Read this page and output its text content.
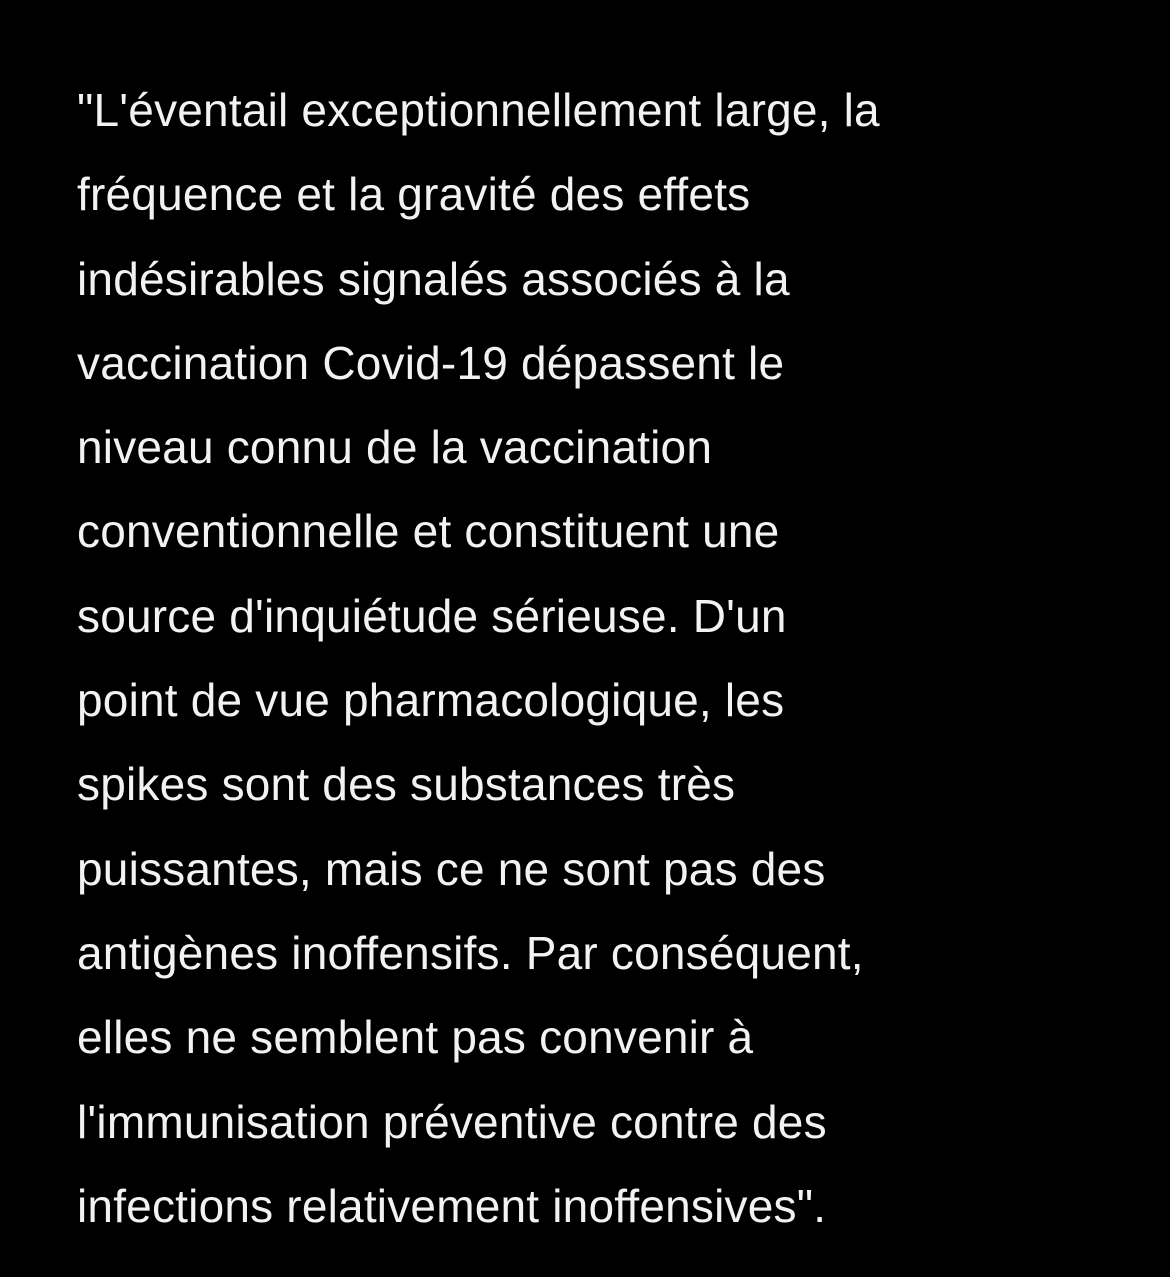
"L'éventail exceptionnellement large, la
fréquence et la gravité des effets
indésirables signalés associés à la
vaccination Covid-19 dépassent le
niveau connu de la vaccination
conventionnelle et constituent une
source d'inquiétude sérieuse. D'un
point de vue pharmacologique, les
spikes sont des substances très
puissantes, mais ce ne sont pas des
antigènes inoffensifs. Par conséquent,
elles ne semblent pas convenir à
l'immunisation préventive contre des
infections relativement inoffensives".
